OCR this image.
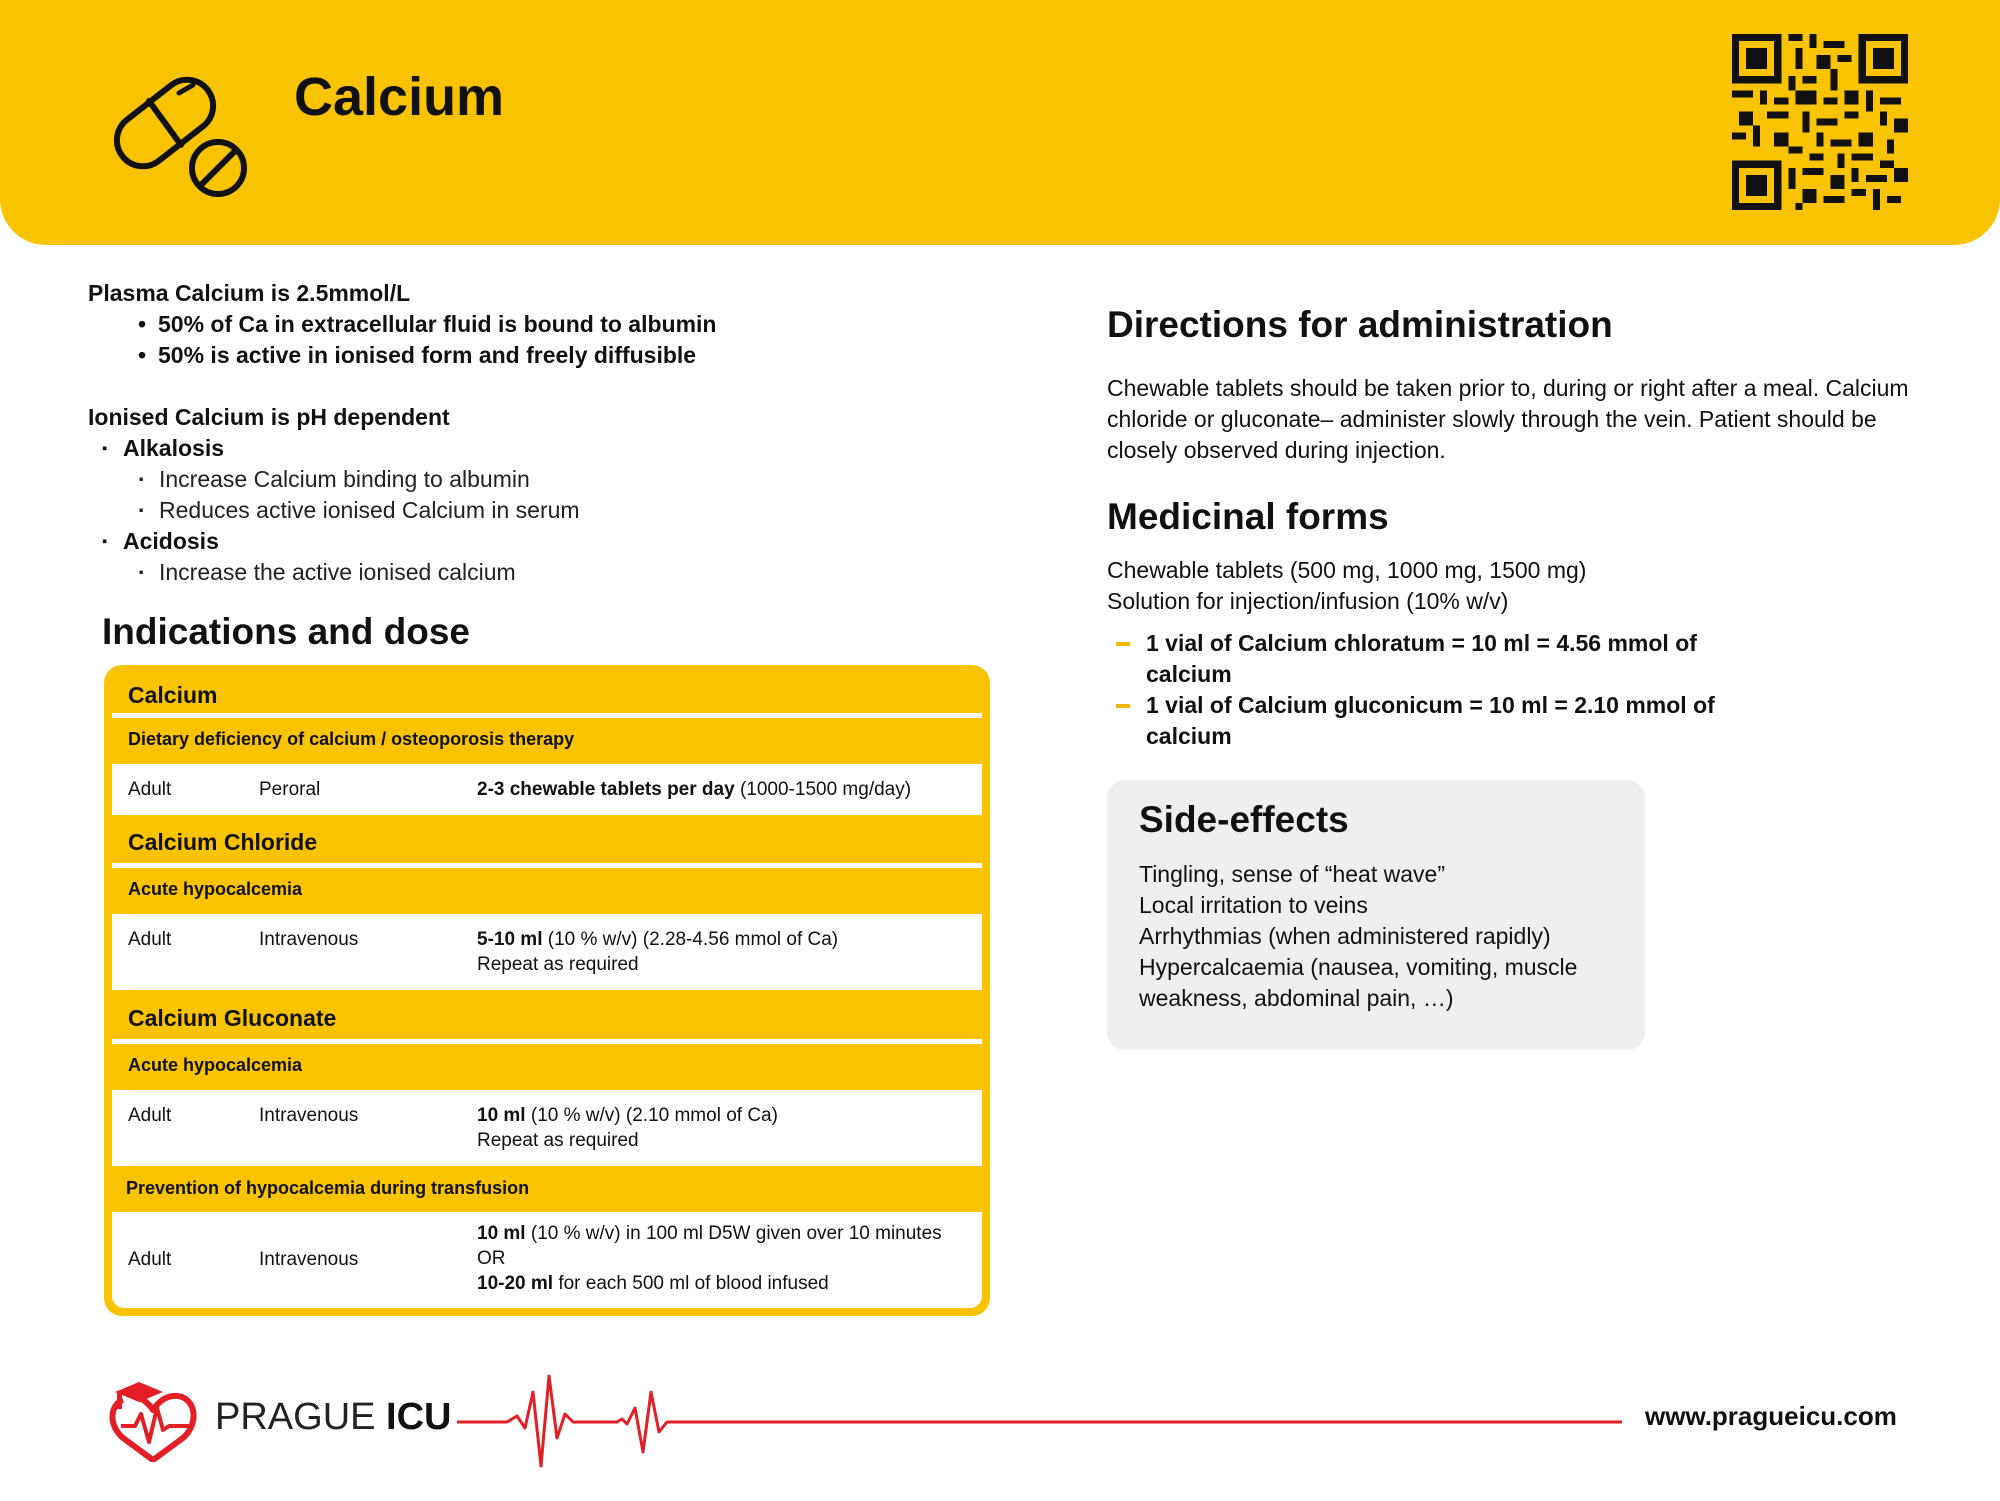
Calcium
Plasma Calcium is 2.5mmol/L
• 50% of Ca in extracellular fluid is bound to albumin
• 50% is active in ionised form and freely diffusible
Ionised Calcium is pH dependent
▪ Alkalosis
· Increase Calcium binding to albumin
· Reduces active ionised Calcium in serum
▪ Acidosis
· Increase the active ionised calcium
Indications and dose
Calcium
Dietary deficiency of calcium / osteoporosis therapy
Adult	Peroral	2-3 chewable tablets per day (1000-1500 mg/day)
Calcium Chloride
Acute hypocalcemia
Adult	Intravenous	5-10 ml (10 % w/v) (2.28-4.56 mmol of Ca)
Repeat as required
Calcium Gluconate
Acute hypocalcemia
Adult	Intravenous	10 ml (10 % w/v) (2.10 mmol of Ca)
Repeat as required
Prevention of hypocalcemia during transfusion
Adult	Intravenous
10 ml (10 % w/v) in 100 ml D5W given over 10 minutes
OR
10-20 ml for each 500 ml of blood infused
Directions for administration
Chewable tablets should be taken prior to, during or right after a meal. Calcium chloride or gluconate– administer slowly through the vein. Patient should be closely observed during injection.
Medicinal forms
Chewable tablets (500 mg, 1000 mg, 1500 mg)
Solution for injection/infusion (10% w/v)
1 vial of Calcium chloratum = 10 ml = 4.56 mmol of calcium
1 vial of Calcium gluconicum = 10 ml = 2.10 mmol of calcium
Side-effects
Tingling, sense of “heat wave”
Local irritation to veins
Arrhythmias (when administered rapidly)
Hypercalcaemia (nausea, vomiting, muscle weakness, abdominal pain, …)
PRAGUE ICU	www.pragueicu.com
